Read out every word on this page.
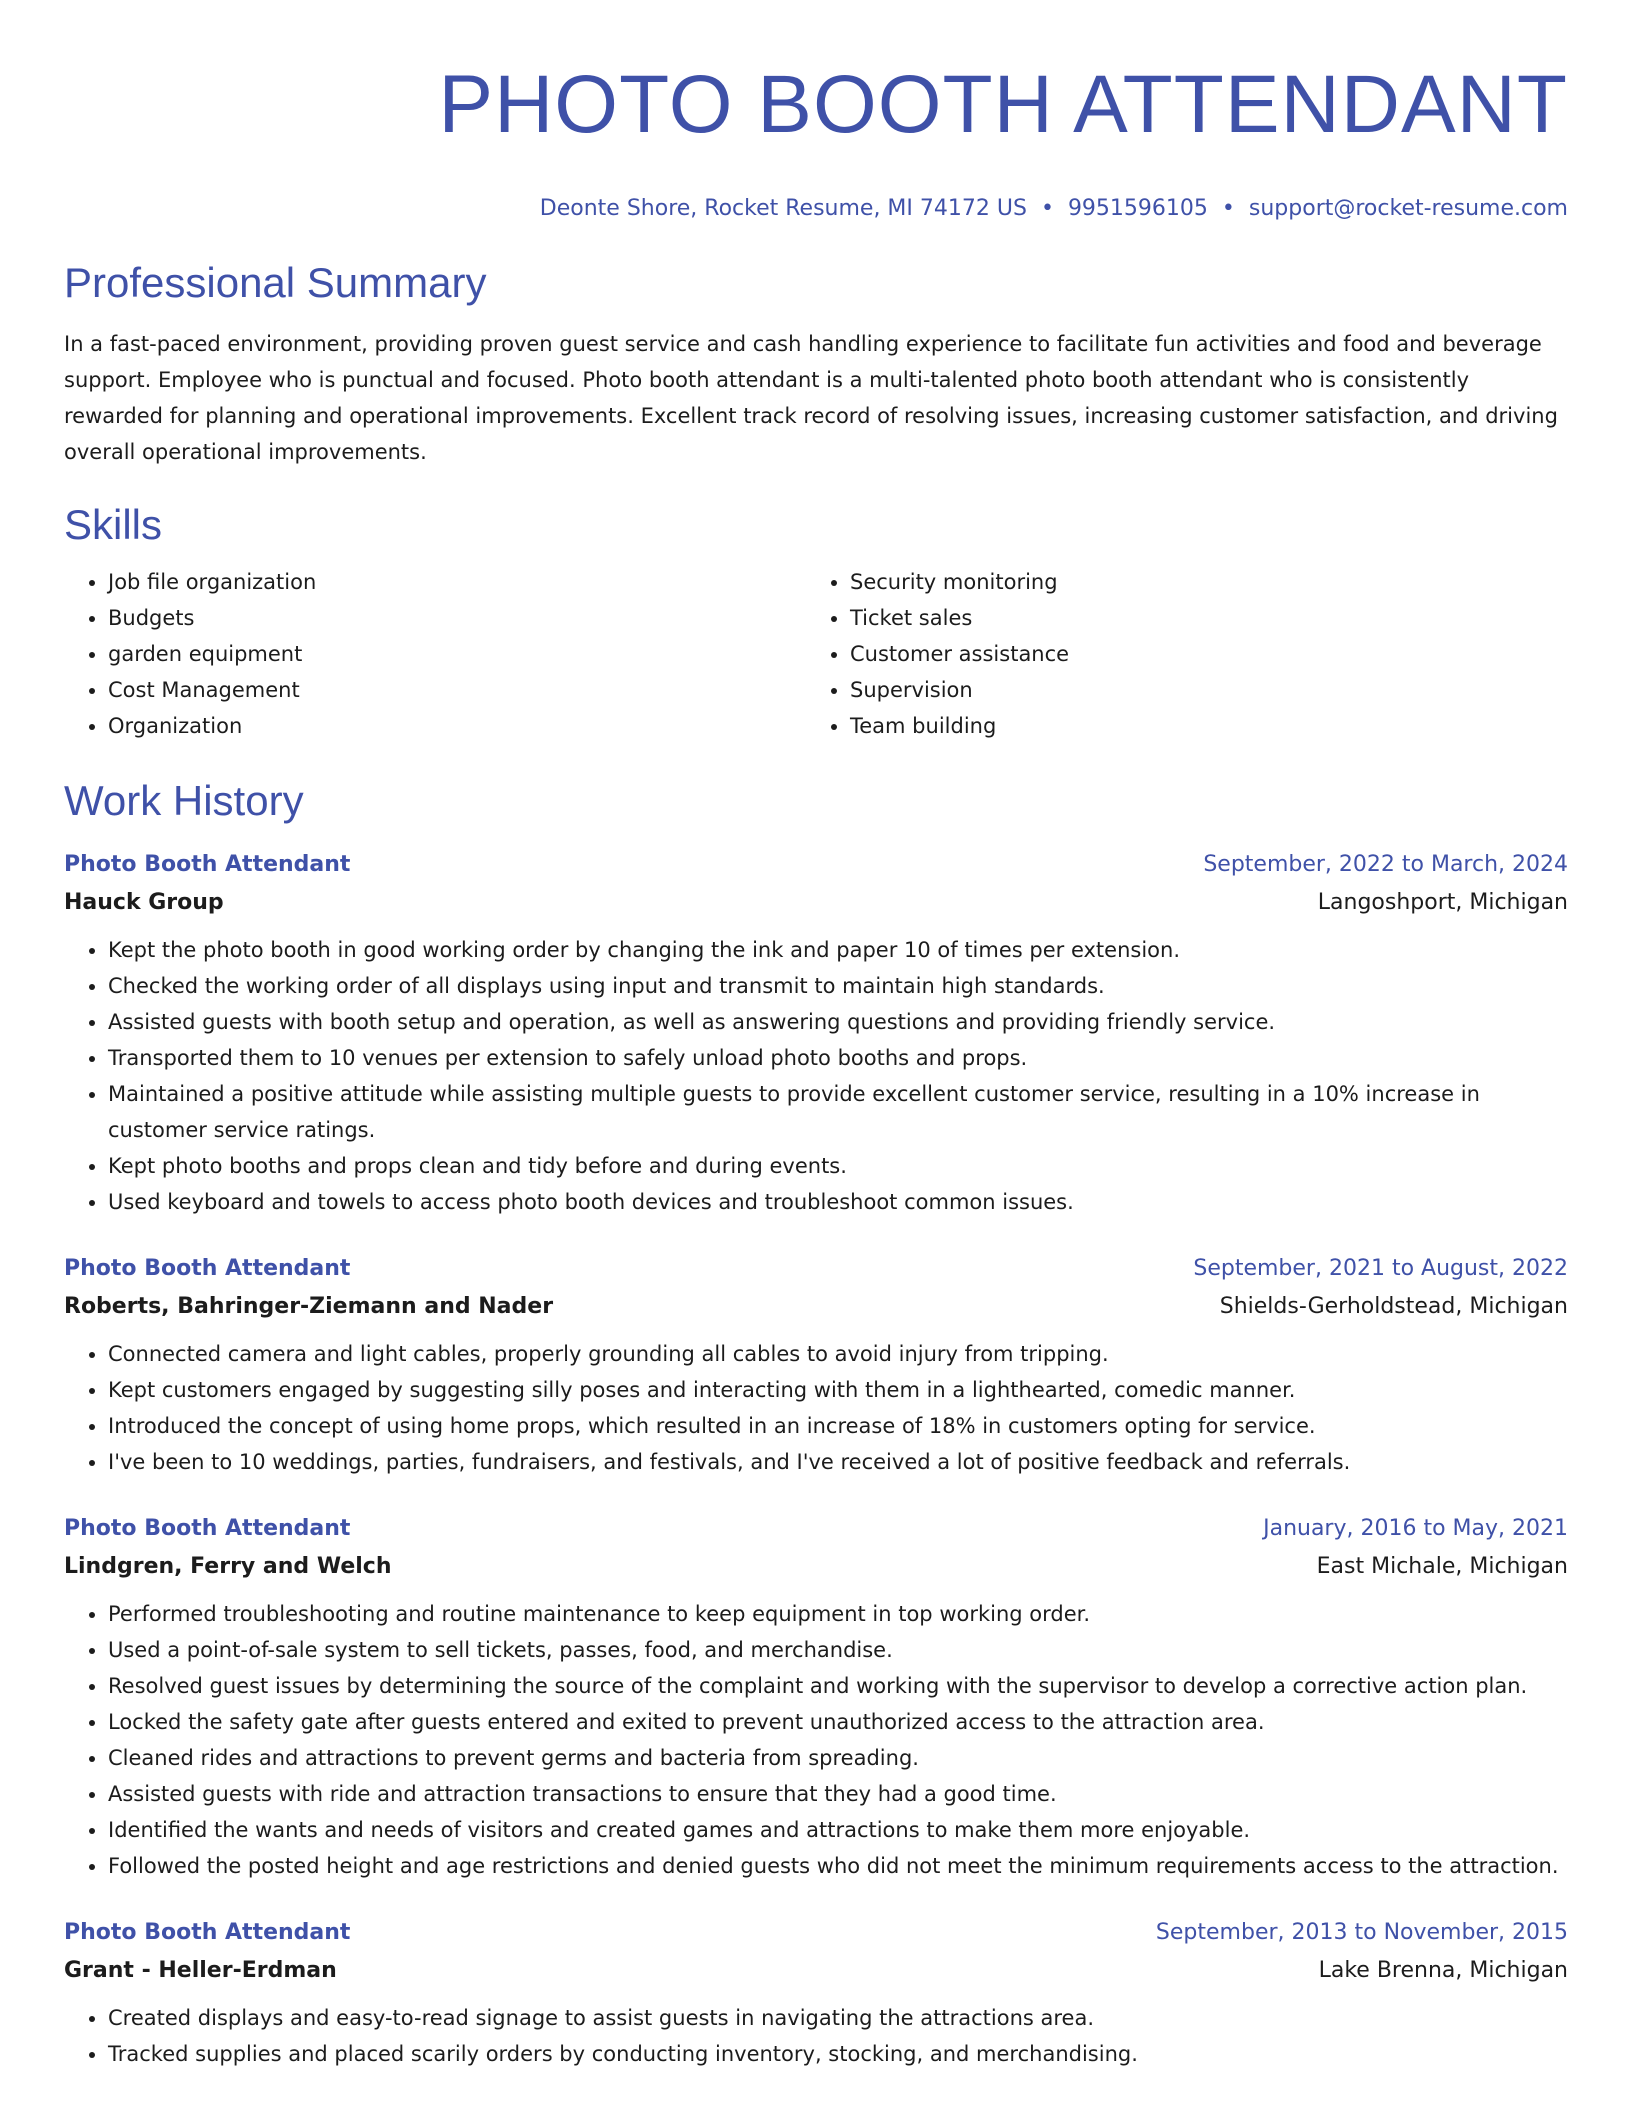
PHOTO BOOTH ATTENDANT
Deonte Shore, Rocket Resume, MI 74172 US • 9951596105 • support@rocket-resume.com
Professional Summary

In a fast-paced environment, providing proven guest service and cash handling experience to facilitate fun activities and food and beverage support. Employee who is punctual and focused. Photo booth attendant is a multi-talented photo booth attendant who is consistently rewarded for planning and operational improvements. Excellent track record of resolving issues, increasing customer satisfaction, and driving overall operational improvements.

Skills
• Job file organization
• Budgets
• garden equipment
• Cost Management
• Organization
• Security monitoring
• Ticket sales
• Customer assistance
• Supervision
• Team building
Work History
Photo Booth Attendant	September, 2022 to March, 2024
Hauck Group	Langoshport, Michigan
• Kept the photo booth in good working order by changing the ink and paper 10 of times per extension.
• Checked the working order of all displays using input and transmit to maintain high standards.
• Assisted guests with booth setup and operation, as well as answering questions and providing friendly service.
• Transported them to 10 venues per extension to safely unload photo booths and props.
• Maintained a positive attitude while assisting multiple guests to provide excellent customer service, resulting in a 10% increase in customer service ratings.
• Kept photo booths and props clean and tidy before and during events.
• Used keyboard and towels to access photo booth devices and troubleshoot common issues.
Photo Booth Attendant	September, 2021 to August, 2022
Roberts, Bahringer-Ziemann and Nader	Shields-Gerholdstead, Michigan
• Connected camera and light cables, properly grounding all cables to avoid injury from tripping.
• Kept customers engaged by suggesting silly poses and interacting with them in a lighthearted, comedic manner.
• Introduced the concept of using home props, which resulted in an increase of 18% in customers opting for service.
• I've been to 10 weddings, parties, fundraisers, and festivals, and I've received a lot of positive feedback and referrals.
Photo Booth Attendant	January, 2016 to May, 2021
Lindgren, Ferry and Welch	East Michale, Michigan
• Performed troubleshooting and routine maintenance to keep equipment in top working order.
• Used a point-of-sale system to sell tickets, passes, food, and merchandise.
• Resolved guest issues by determining the source of the complaint and working with the supervisor to develop a corrective action plan.
• Locked the safety gate after guests entered and exited to prevent unauthorized access to the attraction area.
• Cleaned rides and attractions to prevent germs and bacteria from spreading.
• Assisted guests with ride and attraction transactions to ensure that they had a good time.
• Identified the wants and needs of visitors and created games and attractions to make them more enjoyable.
• Followed the posted height and age restrictions and denied guests who did not meet the minimum requirements access to the attraction.
Photo Booth Attendant	September, 2013 to November, 2015
Grant - Heller-Erdman	Lake Brenna, Michigan
• Created displays and easy-to-read signage to assist guests in navigating the attractions area.
• Tracked supplies and placed scarily orders by conducting inventory, stocking, and merchandising.
